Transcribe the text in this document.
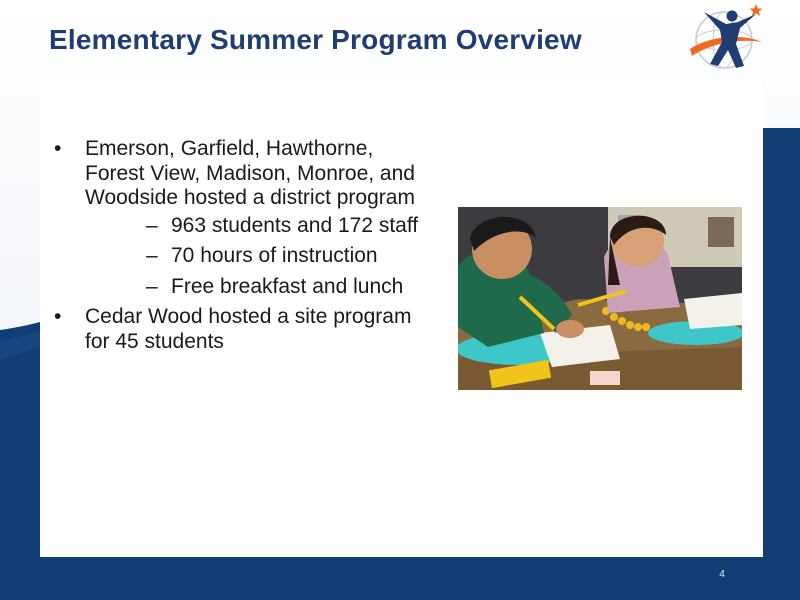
Elementary Summer Program Overview
• Emerson, Garfield, Hawthorne, Forest View, Madison, Monroe, and Woodside hosted a district program
– 963 students and 172 staff
– 70 hours of instruction
– Free breakfast and lunch
• Cedar Wood hosted a site program for 45 students
4
